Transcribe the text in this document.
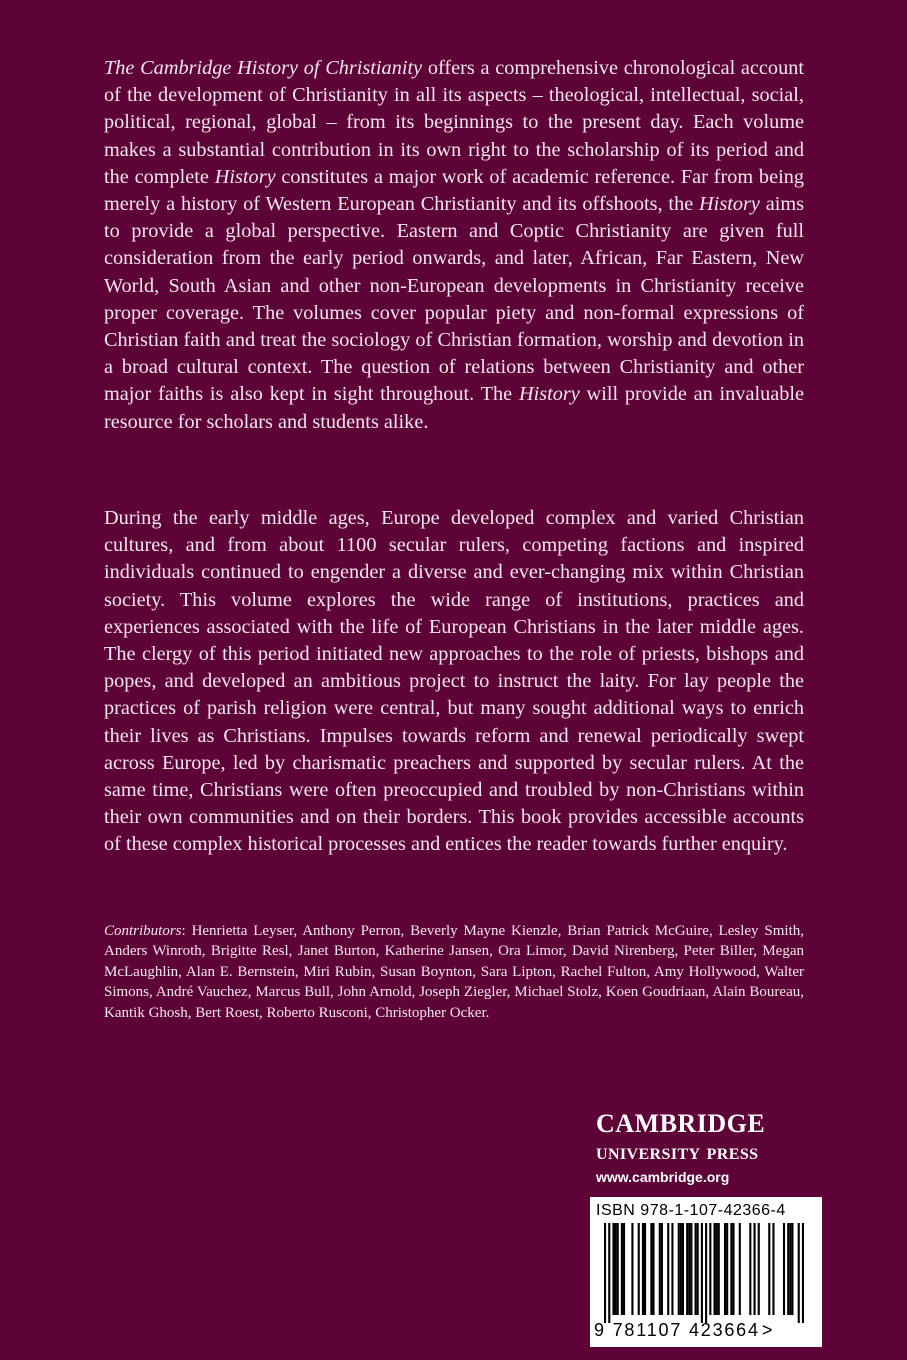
The Cambridge History of Christianity offers a comprehensive chronological account of the development of Christianity in all its aspects – theological, intellectual, social, political, regional, global – from its beginnings to the present day. Each volume makes a substantial contribution in its own right to the scholarship of its period and the complete History constitutes a major work of academic reference. Far from being merely a history of Western European Christianity and its offshoots, the History aims to provide a global perspective. Eastern and Coptic Christianity are given full consideration from the early period onwards, and later, African, Far Eastern, New World, South Asian and other non-European developments in Christianity receive proper coverage. The volumes cover popular piety and non-formal expressions of Christian faith and treat the sociology of Christian formation, worship and devotion in a broad cultural context. The question of relations between Christianity and other major faiths is also kept in sight throughout. The History will provide an invaluable resource for scholars and students alike.

During the early middle ages, Europe developed complex and varied Christian cultures, and from about 1100 secular rulers, competing factions and inspired individuals continued to engender a diverse and ever-changing mix within Christian society. This volume explores the wide range of institutions, practices and experiences associated with the life of European Christians in the later middle ages. The clergy of this period initiated new approaches to the role of priests, bishops and popes, and developed an ambitious project to instruct the laity. For lay people the practices of parish religion were central, but many sought additional ways to enrich their lives as Christians. Impulses towards reform and renewal periodically swept across Europe, led by charismatic preachers and supported by secular rulers. At the same time, Christians were often preoccupied and troubled by non-Christians within their own communities and on their borders. This book provides accessible accounts of these complex historical processes and entices the reader towards further enquiry.

Contributors: Henrietta Leyser, Anthony Perron, Beverly Mayne Kienzle, Brian Patrick McGuire, Lesley Smith, Anders Winroth, Brigitte Resl, Janet Burton, Katherine Jansen, Ora Limor, David Nirenberg, Peter Biller, Megan McLaughlin, Alan E. Bernstein, Miri Rubin, Susan Boynton, Sara Lipton, Rachel Fulton, Amy Hollywood, Walter Simons, André Vauchez, Marcus Bull, John Arnold, Joseph Ziegler, Michael Stolz, Koen Goudriaan, Alain Boureau, Kantik Ghosh, Bert Roest, Roberto Rusconi, Christopher Ocker.

cambridge
university press
www.cambridge.org
ISBN 978-1-107-42366-4
9 781107 423664 >
